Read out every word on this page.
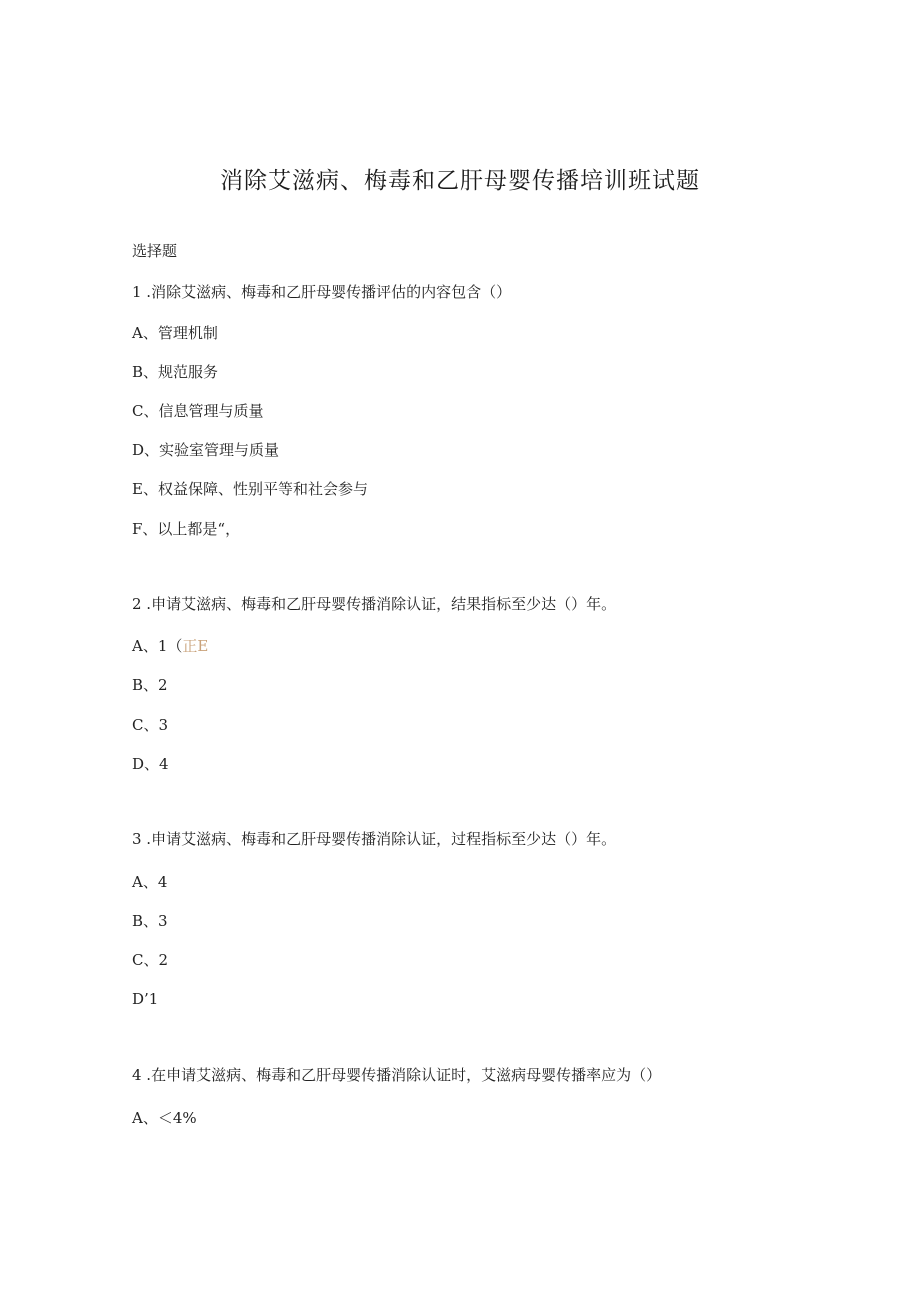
消除艾滋病、梅毒和乙肝母婴传播培训班试题
选择题
1 .消除艾滋病、梅毒和乙肝母婴传播评估的内容包含（）
A、管理机制
B、规范服务
C、信息管理与质量
D、实验室管理与质量
E、权益保障、性别平等和社会参与
F、以上都是“，
2 .申请艾滋病、梅毒和乙肝母婴传播消除认证，结果指标至少达（）年。
A、1（正E
B、2
C、3
D、4
3 .申请艾滋病、梅毒和乙肝母婴传播消除认证，过程指标至少达（）年。
A、4
B、3
C、2
D’1
4 .在申请艾滋病、梅毒和乙肝母婴传播消除认证时，艾滋病母婴传播率应为（）
A、＜4%
